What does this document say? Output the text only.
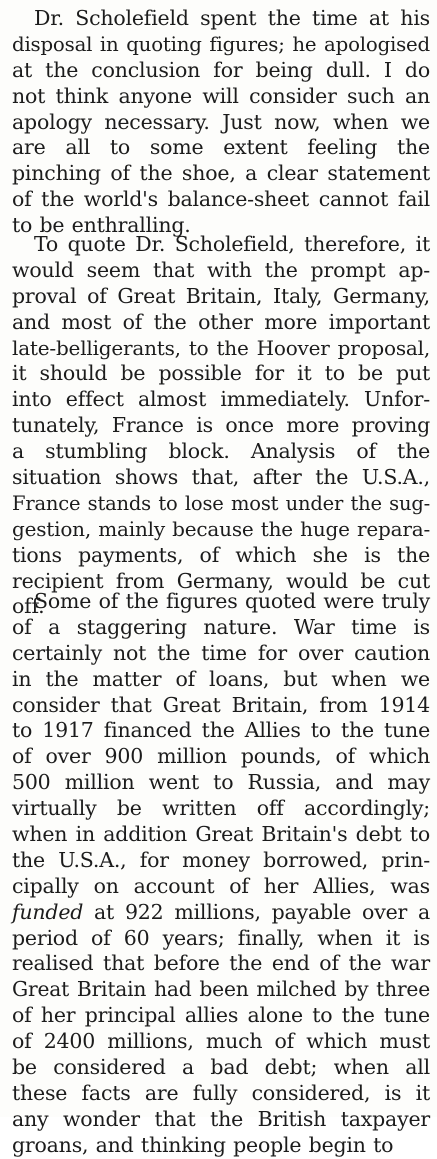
Dr. Scholefield spent the time at his
disposal in quoting figures; he apologised
at the conclusion for being dull. I do
not think anyone will consider such an
apology necessary. Just now, when we
are all to some extent feeling the
pinching of the shoe, a clear statement
of the world's balance-sheet cannot fail
to be enthralling.
To quote Dr. Scholefield, therefore, it
would seem that with the prompt ap-
proval of Great Britain, Italy, Germany,
and most of the other more important
late-belligerants, to the Hoover proposal,
it should be possible for it to be put
into effect almost immediately. Unfor-
tunately, France is once more proving
a stumbling block. Analysis of the
situation shows that, after the U.S.A.,
France stands to lose most under the sug-
gestion, mainly because the huge repara-
tions payments, of which she is the
recipient from Germany, would be cut
off.
Some of the figures quoted were truly
of a staggering nature. War time is
certainly not the time for over caution
in the matter of loans, but when we
consider that Great Britain, from 1914
to 1917 financed the Allies to the tune
of over 900 million pounds, of which
500 million went to Russia, and may
virtually be written off accordingly;
when in addition Great Britain's debt to
the U.S.A., for money borrowed, prin-
cipally on account of her Allies, was
funded at 922 millions, payable over a
period of 60 years; finally, when it is
realised that before the end of the war
Great Britain had been milched by three
of her principal allies alone to the tune
of 2400 millions, much of which must
be considered a bad debt; when all
these facts are fully considered, is it
any wonder that the British taxpayer
groans, and thinking people begin to
